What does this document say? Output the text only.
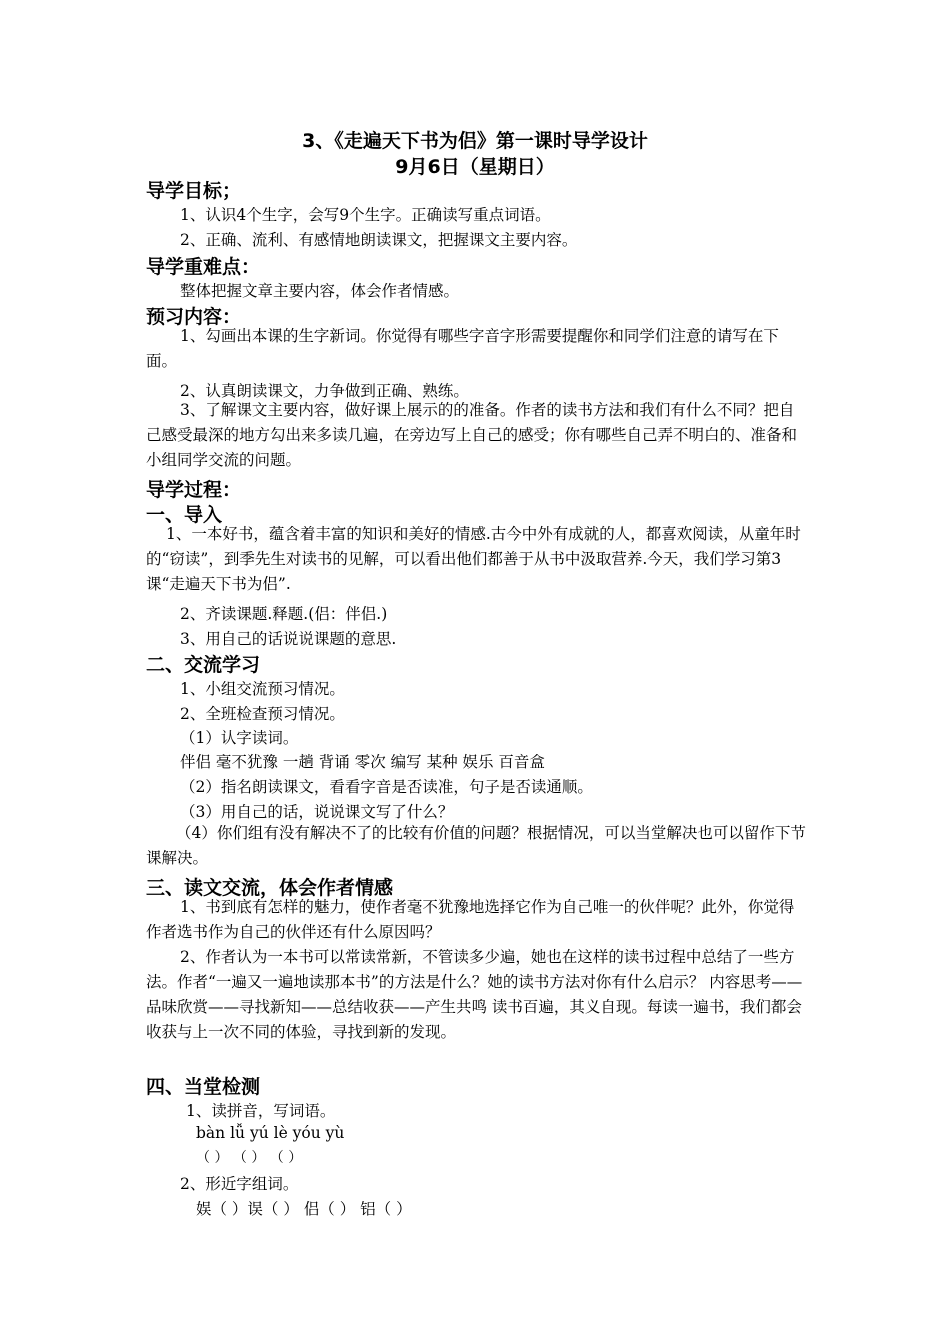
3、《走遍天下书为侣》第一课时导学设计
9月6日（星期日）
导学目标；
1、认识4个生字，会写9个生字。正确读写重点词语。
2、正确、流利、有感情地朗读课文，把握课文主要内容。
导学重难点：
整体把握文章主要内容，体会作者情感。
预习内容：
1、勾画出本课的生字新词。你觉得有哪些字音字形需要提醒你和同学们注意的请写在下面。
2、认真朗读课文，力争做到正确、熟练。
3、了解课文主要内容，做好课上展示的的准备。作者的读书方法和我们有什么不同？把自己感受最深的地方勾出来多读几遍，在旁边写上自己的感受；你有哪些自己弄不明白的、准备和小组同学交流的问题。
导学过程：
一、导入
1、一本好书，蕴含着丰富的知识和美好的情感.古今中外有成就的人，都喜欢阅读，从童年时的“窃读”，到季先生对读书的见解，可以看出他们都善于从书中汲取营养.今天，我们学习第3课“走遍天下书为侣”.
2、齐读课题.释题.(侣：伴侣.)
3、用自己的话说说课题的意思.
二、交流学习
1、小组交流预习情况。
2、全班检查预习情况。
（1）认字读词。
伴侣 毫不犹豫 一趟 背诵 零次 编写 某种 娱乐 百音盒
（2）指名朗读课文，看看字音是否读准，句子是否读通顺。
（3）用自己的话，说说课文写了什么？
（4）你们组有没有解决不了的比较有价值的问题？根据情况，可以当堂解决也可以留作下节课解决。
三、读文交流，体会作者情感
1、书到底有怎样的魅力，使作者毫不犹豫地选择它作为自己唯一的伙伴呢？此外，你觉得作者选书作为自己的伙伴还有什么原因吗？
2、作者认为一本书可以常读常新，不管读多少遍，她也在这样的读书过程中总结了一些方法。作者“一遍又一遍地读那本书”的方法是什么？她的读书方法对你有什么启示？ 内容思考——品味欣赏——寻找新知——总结收获——产生共鸣 读书百遍，其义自现。每读一遍书，我们都会收获与上一次不同的体验，寻找到新的发现。
四、当堂检测
1、读拼音，写词语。
bàn lǚ yú lè yóu yù
（ ） （ ） （ ）
2、形近字组词。
娱（ ）误（ ） 侣（ ） 铝（ ）
